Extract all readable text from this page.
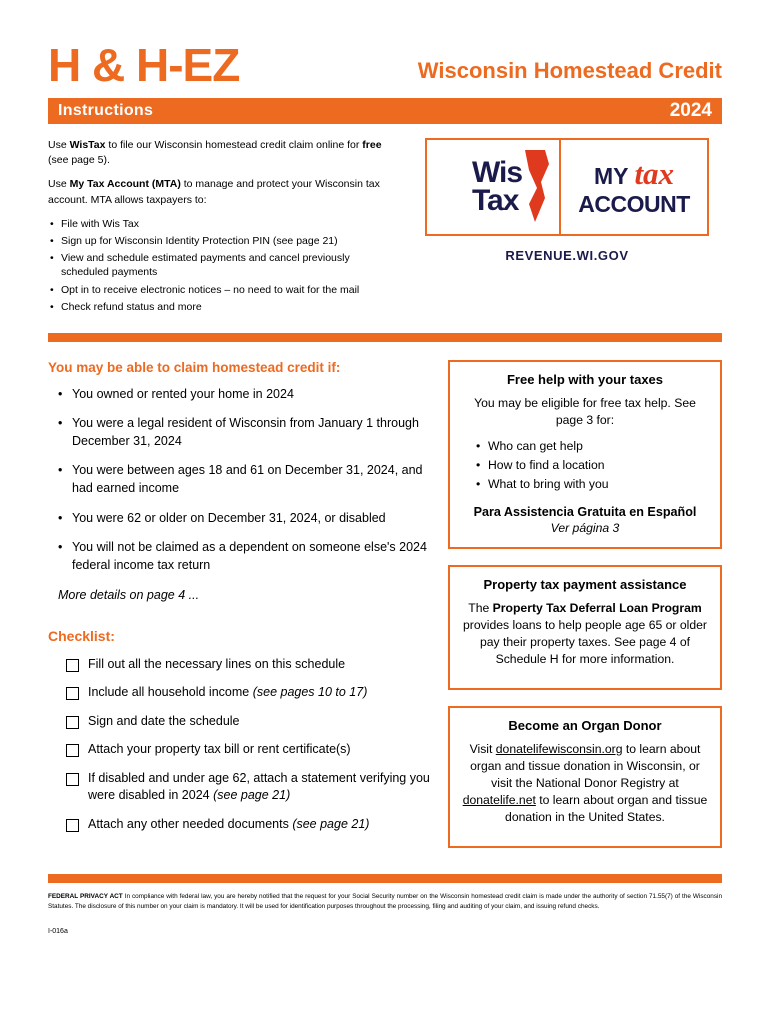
H & H-EZ	Wisconsin Homestead Credit
Instructions	2024

Use WisTax to file our Wisconsin homestead credit claim online for free (see page 5).

Use My Tax Account (MTA) to manage and protect your Wisconsin tax account. MTA allows taxpayers to:

• File with Wis Tax
• Sign up for Wisconsin Identity Protection PIN (see page 21)
• View and schedule estimated payments and cancel previously scheduled payments
• Opt in to receive electronic notices – no need to wait for the mail
• Check refund status and more
Wis
Tax
MY tax
ACCOUNT
REVENUE.WI.GOV
You may be able to claim homestead credit if:
• You owned or rented your home in 2024
• You were a legal resident of Wisconsin from January 1 through December 31, 2024
• You were between ages 18 and 61 on December 31, 2024, and had earned income
• You were 62 or older on December 31, 2024, or disabled
• You will not be claimed as a dependent on someone else's 2024 federal income tax return
More details on page 4 ...
Checklist:
Fill out all the necessary lines on this schedule
Include all household income (see pages 10 to 17)
Sign and date the schedule
Attach your property tax bill or rent certificate(s)
If disabled and under age 62, attach a statement verifying you were disabled in 2024 (see page 21)
Attach any other needed documents (see page 21)
Free help with your taxes

You may be eligible for free tax help. See page 3 for:

• Who can get help
• How to find a location
• What to bring with you
Para Assistencia Gratuita en Español
Ver página 3
Property tax payment assistance

The Property Tax Deferral Loan Program provides loans to help people age 65 or older pay their property taxes. See page 4 of Schedule H for more information.

Become an Organ Donor

Visit donatelifewisconsin.org to learn about organ and tissue donation in Wisconsin, or visit the National Donor Registry at donatelife.net to learn about organ and tissue donation in the United States.

FEDERAL PRIVACY ACT In compliance with federal law, you are hereby notified that the request for your Social Security number on the Wisconsin homestead credit claim is made under the authority of section 71.55(7) of the Wisconsin Statutes. The disclosure of this number on your claim is mandatory. It will be used for identification purposes throughout the processing, filing and auditing of your claim, and issuing refund checks.
I-016a
